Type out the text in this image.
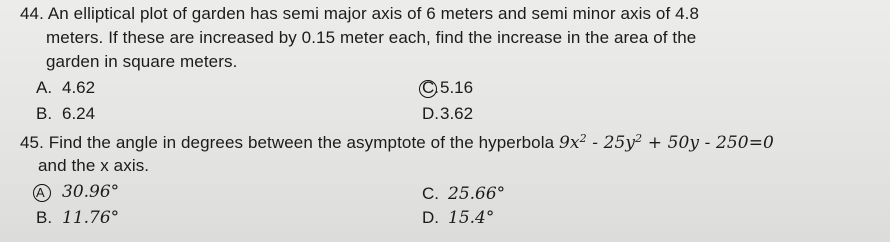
44. An elliptical plot of garden has semi major axis of 6 meters and semi minor axis of 4.8
meters. If these are increased by 0.15 meter each, find the increase in the area of the
garden in square meters.
A. 4.62
B. 6.24
C.5.16
D.3.62
45. Find the angle in degrees between the asymptote of the hyperbola $9x^2 - 25y^2 + 50y - 250=0$
and the x axis.
A 30.96°
B. 11.76°
C. 25.66°
D. 15.4°
